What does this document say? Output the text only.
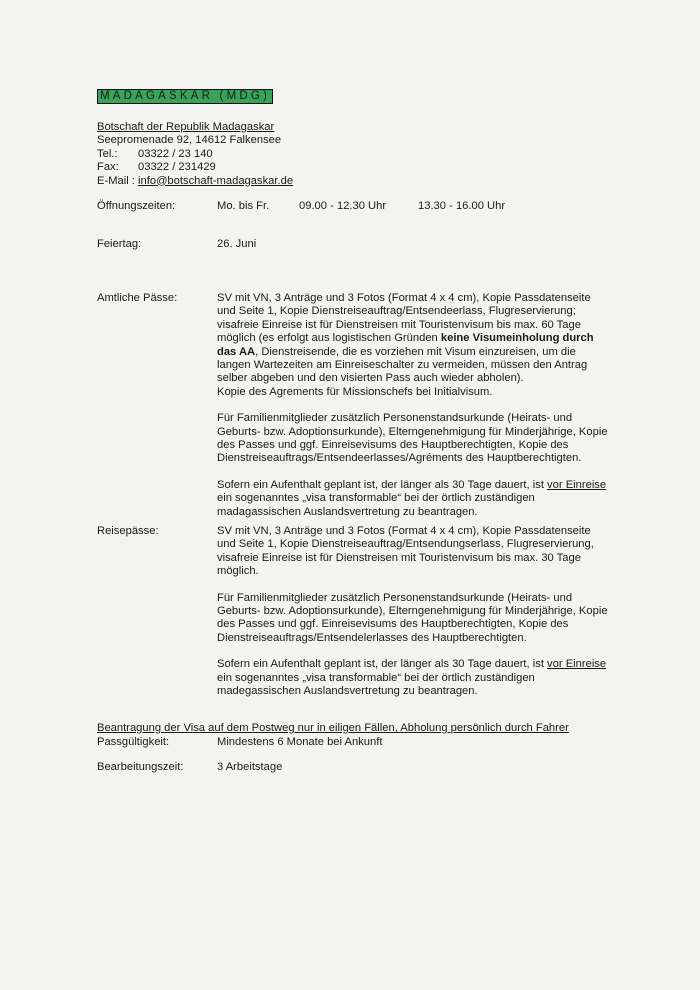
MADAGASKAR (MDG)
Botschaft der Republik Madagaskar
Seepromenade 92, 14612 Falkensee
Tel.: 03322 / 23 140
Fax: 03322 / 231429
E-Mail : info@botschaft-madagaskar.de
Öffnungszeiten:	Mo. bis Fr.	09.00 - 12.30 Uhr	13.30 - 16.00 Uhr
Feiertag:	26. Juni
Amtliche Pässe:	SV mit VN, 3 Anträge und 3 Fotos (Format 4 x 4 cm), Kopie Passdatenseite und Seite 1, Kopie Dienstreiseauftrag/Entsendeerlass, Flugreservierung; visafreie Einreise ist für Dienstreisen mit Touristenvisum bis max. 60 Tage möglich (es erfolgt aus logistischen Gründen keine Visumeinholung durch das AA, Dienstreisende, die es vorziehen mit Visum einzureisen, um die langen Wartezeiten am Einreiseschalter zu vermeiden, müssen den Antrag selber abgeben und den visierten Pass auch wieder abholen).
Kopie des Agrements für Missionschefs bei Initialvisum.
Für Familienmitglieder zusätzlich Personenstandsurkunde (Heirats- und Geburts- bzw. Adoptionsurkunde), Elterngenehmigung für Minderjährige, Kopie des Passes und ggf. Einreisevisums des Hauptberechtigten, Kopie des Dienstreiseauftrags/Entsendeerlasses/Agréments des Hauptberechtigten.
Sofern ein Aufenthalt geplant ist, der länger als 30 Tage dauert, ist vor Einreise ein sogenanntes „visa transformable“ bei der örtlich zuständigen madagassischen Auslandsvertretung zu beantragen.
Reisepässe:	SV mit VN, 3 Anträge und 3 Fotos (Format 4 x 4 cm), Kopie Passdatenseite und Seite 1, Kopie Dienstreiseauftrag/Entsendungserlass, Flugreservierung, visafreie Einreise ist für Dienstreisen mit Touristenvisum bis max. 30 Tage möglich.
Für Familienmitglieder zusätzlich Personenstandsurkunde (Heirats- und Geburts- bzw. Adoptionsurkunde), Elterngenehmigung für Minderjährige, Kopie des Passes und ggf. Einreisevisums des Hauptberechtigten, Kopie des Dienstreiseauftrags/Entsendelerlasses des Hauptberechtigten.
Sofern ein Aufenthalt geplant ist, der länger als 30 Tage dauert, ist vor Einreise ein sogenanntes „visa transformable“ bei der örtlich zuständigen madegassischen Auslandsvertretung zu beantragen.
Beantragung der Visa auf dem Postweg nur in eiligen Fällen, Abholung persönlich durch Fahrer
Passgültigkeit:	Mindestens 6 Monate bei Ankunft
Bearbeitungszeit:	3 Arbeitstage
